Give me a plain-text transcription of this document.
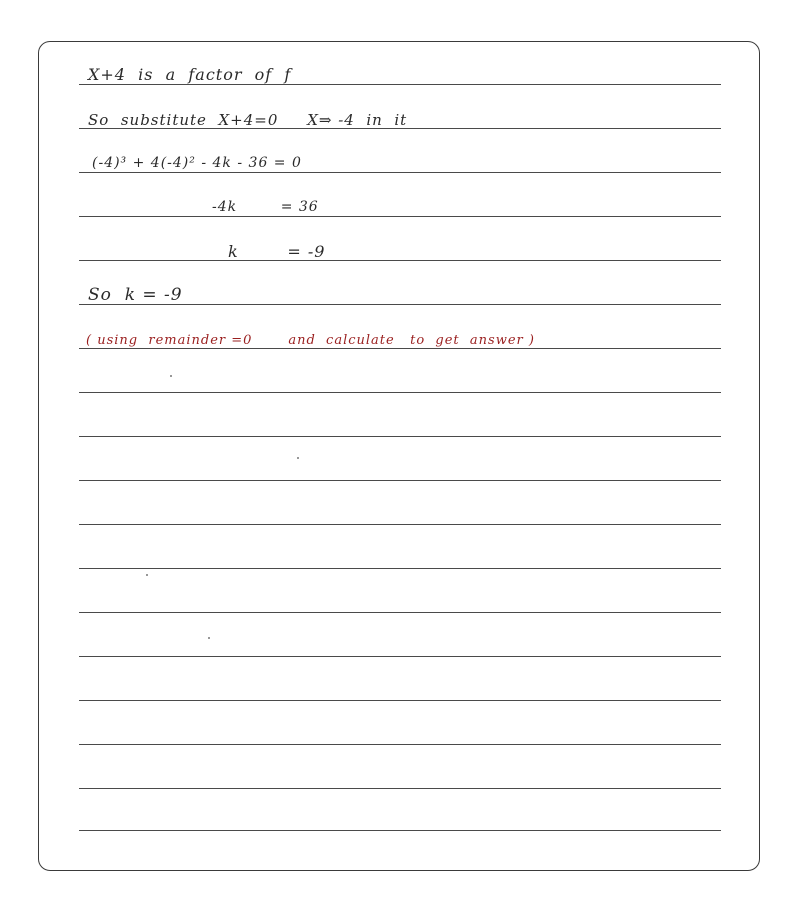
X+4  is  a  factor  of  f
So  substitute  X+4=0     X⇒ -4  in  it
(-4)³ + 4(-4)² - 4k - 36 = 0
-4k        = 36
k        = -9
So  k = -9
( using  remainder =0       and  calculate   to  get  answer )
